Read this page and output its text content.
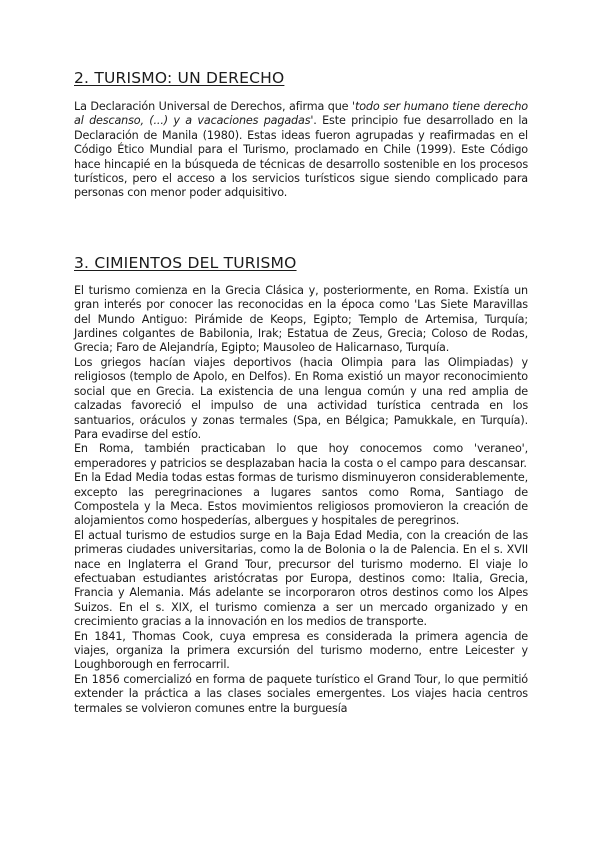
2. TURISMO: UN DERECHO

La Declaración Universal de Derechos, afirma que 'todo ser humano tiene derecho al descanso, (...) y a vacaciones pagadas'. Este principio fue desarrollado en la Declaración de Manila (1980). Estas ideas fueron agrupadas y reafirmadas en el Código Ético Mundial para el Turismo, proclamado en Chile (1999). Este Código hace hincapié en la búsqueda de técnicas de desarrollo sostenible en los procesos turísticos, pero el acceso a los servicios turísticos sigue siendo complicado para personas con menor poder adquisitivo.

3. CIMIENTOS DEL TURISMO

El turismo comienza en la Grecia Clásica y, posteriormente, en Roma. Existía un gran interés por conocer las reconocidas en la época como 'Las Siete Maravillas del Mundo Antiguo: Pirámide de Keops, Egipto; Templo de Artemisa, Turquía; Jardines colgantes de Babilonia, Irak; Estatua de Zeus, Grecia; Coloso de Rodas, Grecia; Faro de Alejandría, Egipto; Mausoleo de Halicarnaso, Turquía.

Los griegos hacían viajes deportivos (hacia Olimpia para las Olimpiadas) y religiosos (templo de Apolo, en Delfos). En Roma existió un mayor reconocimiento social que en Grecia. La existencia de una lengua común y una red amplia de calzadas favoreció el impulso de una actividad turística centrada en los santuarios, oráculos y zonas termales (Spa, en Bélgica; Pamukkale, en Turquía). Para evadirse del estío.

En Roma, también practicaban lo que hoy conocemos como 'veraneo', emperadores y patricios se desplazaban hacia la costa o el campo para descansar.

En la Edad Media todas estas formas de turismo disminuyeron considerablemente, excepto las peregrinaciones a lugares santos como Roma, Santiago de Compostela y la Meca. Estos movimientos religiosos promovieron la creación de alojamientos como hospederías, albergues y hospitales de peregrinos.

El actual turismo de estudios surge en la Baja Edad Media, con la creación de las primeras ciudades universitarias, como la de Bolonia o la de Palencia. En el s. XVII nace en Inglaterra el Grand Tour, precursor del turismo moderno. El viaje lo efectuaban estudiantes aristócratas por Europa, destinos como: Italia, Grecia, Francia y Alemania. Más adelante se incorporaron otros destinos como los Alpes Suizos. En el s. XIX, el turismo comienza a ser un mercado organizado y en crecimiento gracias a la innovación en los medios de transporte.

En 1841, Thomas Cook, cuya empresa es considerada la primera agencia de viajes, organiza la primera excursión del turismo moderno, entre Leicester y Loughborough en ferrocarril.

En 1856 comercializó en forma de paquete turístico el Grand Tour, lo que permitió extender la práctica a las clases sociales emergentes. Los viajes hacia centros termales se volvieron comunes entre la burguesía
